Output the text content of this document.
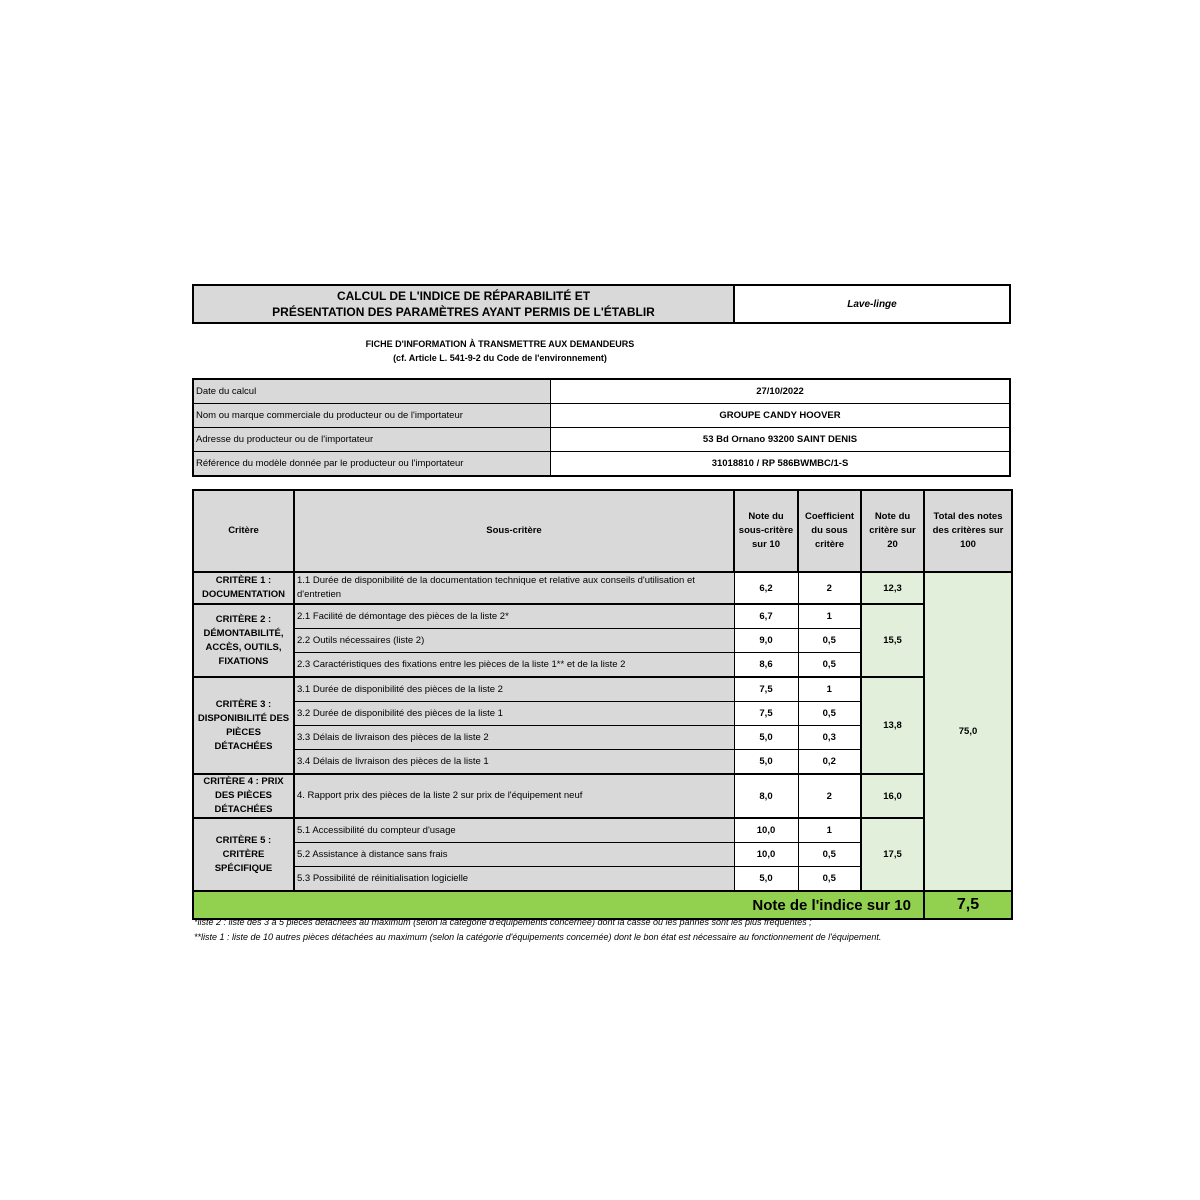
CALCUL DE L'INDICE DE RÉPARABILITÉ ET
PRÉSENTATION DES PARAMÈTRES AYANT PERMIS DE L'ÉTABLIR
Lave-linge
FICHE D'INFORMATION À TRANSMETTRE AUX DEMANDEURS
(cf. Article L. 541-9-2 du Code de l'environnement)
Date du calcul	27/10/2022
Nom ou marque commerciale du producteur ou de l'importateur	GROUPE CANDY HOOVER
Adresse du producteur ou de l'importateur	53 Bd Ornano 93200 SAINT DENIS
Référence du modèle donnée par le producteur ou l'importateur	31018810 / RP 586BWMBC/1-S
Critère	Sous-critère	Note du sous-critère sur 10	Coefficient du sous critère	Note du critère sur 20	Total des notes des critères sur 100
CRITÈRE 1 : DOCUMENTATION	1.1 Durée de disponibilité de la documentation technique et relative aux conseils d'utilisation et d'entretien	6,2	2	12,3	75,0
CRITÈRE 2 : DÉMONTABILITÉ, ACCÈS, OUTILS, FIXATIONS	2.1 Facilité de démontage des pièces de la liste 2*	6,7	1	15,5	
	2.2 Outils nécessaires (liste 2)	9,0	0,5		
	2.3 Caractéristiques des fixations entre les pièces de la liste 1** et de la liste 2	8,6	0,5		
CRITÈRE 3 : DISPONIBILITÉ DES PIÈCES DÉTACHÉES	3.1 Durée de disponibilité des pièces de la liste 2	7,5	1	13,8	
	3.2 Durée de disponibilité des pièces de la liste 1	7,5	0,5		
	3.3 Délais de livraison des pièces de la liste 2	5,0	0,3		
	3.4 Délais de livraison des pièces de la liste 1	5,0	0,2		
CRITÈRE 4 : PRIX DES PIÈCES DÉTACHÉES	4. Rapport prix des pièces de la liste 2 sur prix de l'équipement neuf	8,0	2	16,0	
CRITÈRE 5 : CRITÈRE SPÉCIFIQUE	5.1 Accessibilité du compteur d'usage	10,0	1	17,5	
	5.2 Assistance à distance sans frais	10,0	0,5		
	5.3 Possibilité de réinitialisation logicielle	5,0	0,5		
Note de l'indice sur 10					7,5
*liste 2 : liste des 3 à 5 pièces détachées au maximum (selon la catégorie d'équipements concernée) dont la casse ou les pannes sont les plus fréquentes ;
**liste 1 : liste de 10 autres pièces détachées au maximum (selon la catégorie d'équipements concernée) dont le bon état est nécessaire au fonctionnement de l'équipement.
